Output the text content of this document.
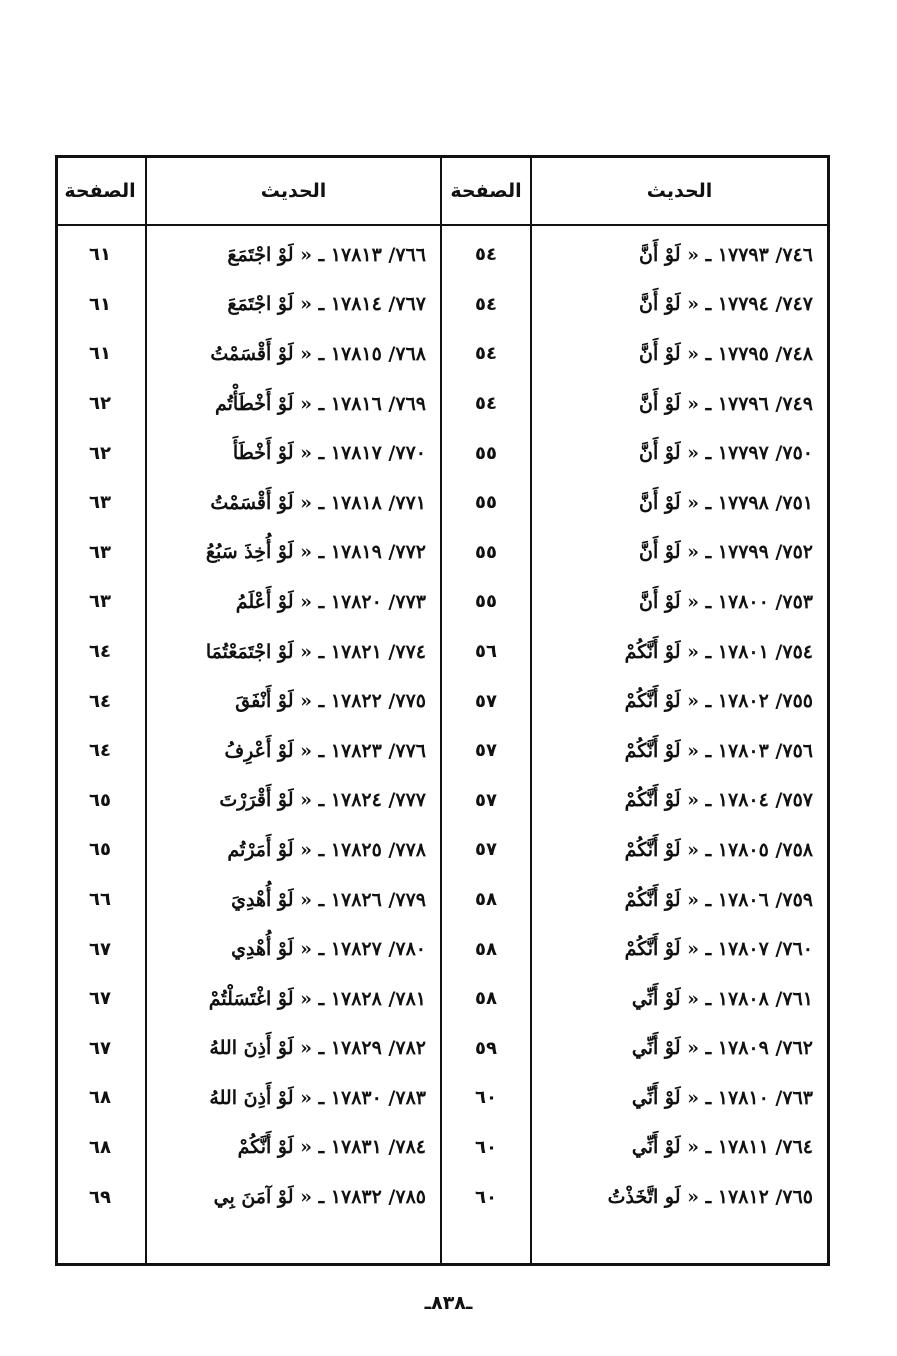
الحديث
الصفحة
الحديث
الصفحة
٧٤٦/ ١٧٧٩٣ ـ « لَوْ أَنَّ
٥٤
٧٦٦/ ١٧٨١٣ ـ « لَوْ اجْتَمَعَ
٦١
٧٤٧/ ١٧٧٩٤ ـ « لَوْ أَنَّ
٥٤
٧٦٧/ ١٧٨١٤ ـ « لَوْ اجْتَمَعَ
٦١
٧٤٨/ ١٧٧٩٥ ـ « لَوْ أَنَّ
٥٤
٧٦٨/ ١٧٨١٥ ـ « لَوْ أَقْسَمْتُ
٦١
٧٤٩/ ١٧٧٩٦ ـ « لَوْ أَنَّ
٥٤
٧٦٩/ ١٧٨١٦ ـ « لَوْ أَخْطَأْتُم
٦٢
٧٥٠/ ١٧٧٩٧ ـ « لَوْ أَنَّ
٥٥
٧٧٠/ ١٧٨١٧ ـ « لَوْ أَخْطَأَ
٦٢
٧٥١/ ١٧٧٩٨ ـ « لَوْ أَنَّ
٥٥
٧٧١/ ١٧٨١٨ ـ « لَوْ أَقْسَمْتُ
٦٣
٧٥٢/ ١٧٧٩٩ ـ « لَوْ أَنَّ
٥٥
٧٧٢/ ١٧٨١٩ ـ « لَوْ أُخِذَ سَبُعُ
٦٣
٧٥٣/ ١٧٨٠٠ ـ « لَوْ أَنَّ
٥٥
٧٧٣/ ١٧٨٢٠ ـ « لَوْ أَعْلَمُ
٦٣
٧٥٤/ ١٧٨٠١ ـ « لَوْ أَنَّكُمْ
٥٦
٧٧٤/ ١٧٨٢١ ـ « لَوْ اجْتَمَعْتُمَا
٦٤
٧٥٥/ ١٧٨٠٢ ـ « لَوْ أَنَّكُمْ
٥٧
٧٧٥/ ١٧٨٢٢ ـ « لَوْ أَنْفَقَ
٦٤
٧٥٦/ ١٧٨٠٣ ـ « لَوْ أَنَّكُمْ
٥٧
٧٧٦/ ١٧٨٢٣ ـ « لَوْ أَعْرِفُ
٦٤
٧٥٧/ ١٧٨٠٤ ـ « لَوْ أَنَّكُمْ
٥٧
٧٧٧/ ١٧٨٢٤ ـ « لَوْ أَقْرَرْتَ
٦٥
٧٥٨/ ١٧٨٠٥ ـ « لَوْ أَنَّكُمْ
٥٧
٧٧٨/ ١٧٨٢٥ ـ « لَوْ أَمَرْتُم
٦٥
٧٥٩/ ١٧٨٠٦ ـ « لَوْ أَنَّكُمْ
٥٨
٧٧٩/ ١٧٨٢٦ ـ « لَوْ أُهْدِيَ
٦٦
٧٦٠/ ١٧٨٠٧ ـ « لَوْ أَنَّكُمْ
٥٨
٧٨٠/ ١٧٨٢٧ ـ « لَوْ أُهْدِي
٦٧
٧٦١/ ١٧٨٠٨ ـ « لَوْ أَنِّي
٥٨
٧٨١/ ١٧٨٢٨ ـ « لَوْ اغْتَسَلْتُمْ
٦٧
٧٦٢/ ١٧٨٠٩ ـ « لَوْ أَنِّي
٥٩
٧٨٢/ ١٧٨٢٩ ـ « لَوْ أَذِنَ اللهُ
٦٧
٧٦٣/ ١٧٨١٠ ـ « لَوْ أَنِّي
٦٠
٧٨٣/ ١٧٨٣٠ ـ « لَوْ أَذِنَ اللهُ
٦٨
٧٦٤/ ١٧٨١١ ـ « لَوْ أَنِّي
٦٠
٧٨٤/ ١٧٨٣١ ـ « لَوْ أَنَّكُمْ
٦٨
٧٦٥/ ١٧٨١٢ ـ « لَو اتَّخَذْتُ
٦٠
٧٨٥/ ١٧٨٣٢ ـ « لَوْ آمَنَ بِي
٦٩
ـ٨٣٨ـ
